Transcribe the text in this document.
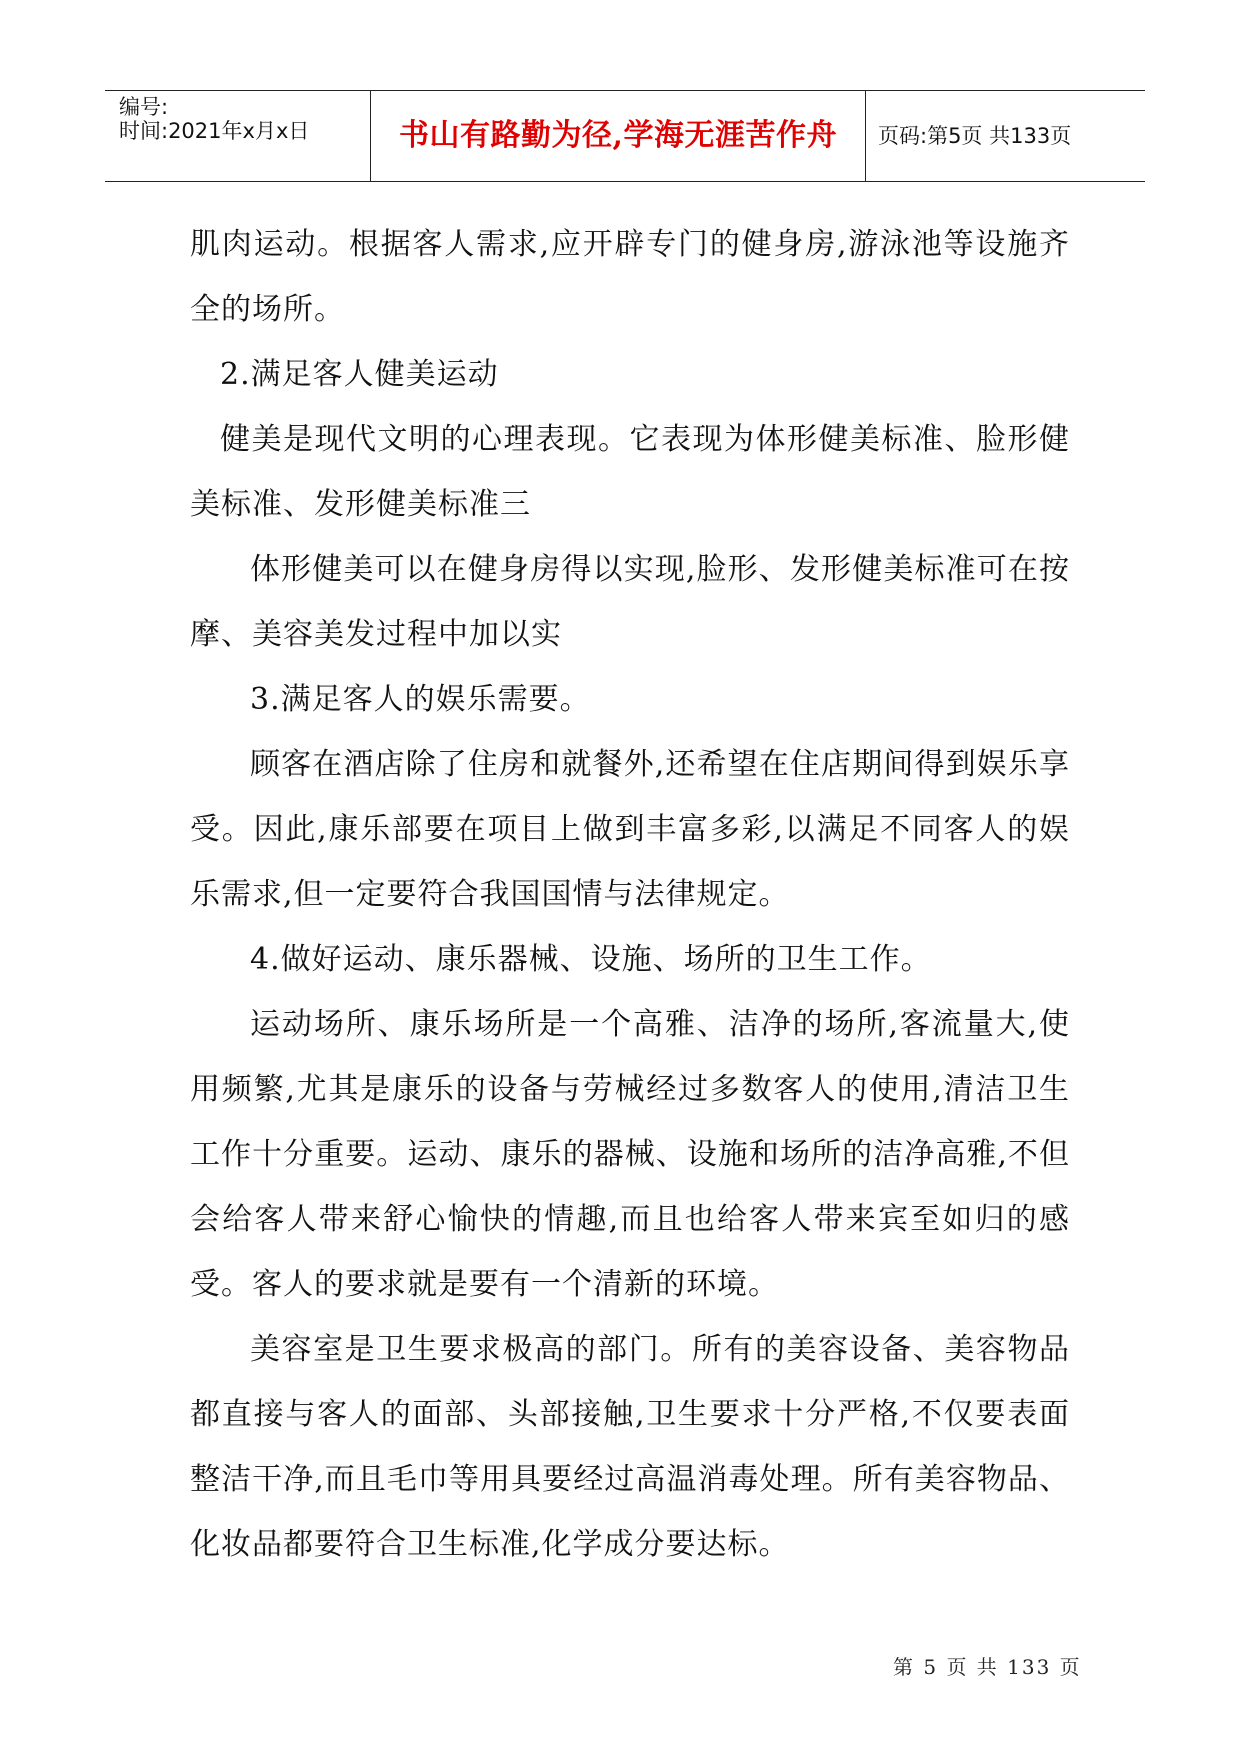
编号:
时间:2021年x月x日	书山有路勤为径,学海无涯苦作舟	页码:第5页 共133页

肌肉运动。根据客人需求,应开辟专门的健身房,游泳池等设施齐全的场所。

2.满足客人健美运动

健美是现代文明的心理表现。它表现为体形健美标准、脸形健美标准、发形健美标准三

体形健美可以在健身房得以实现,脸形、发形健美标准可在按摩、美容美发过程中加以实

3.满足客人的娱乐需要。

顾客在酒店除了住房和就餐外,还希望在住店期间得到娱乐享受。因此,康乐部要在项目上做到丰富多彩,以满足不同客人的娱乐需求,但一定要符合我国国情与法律规定。

4.做好运动、康乐器械、设施、场所的卫生工作。

运动场所、康乐场所是一个高雅、洁净的场所,客流量大,使用频繁,尤其是康乐的设备与劳械经过多数客人的使用,清洁卫生工作十分重要。运动、康乐的器械、设施和场所的洁净高雅,不但会给客人带来舒心愉快的情趣,而且也给客人带来宾至如归的感受。客人的要求就是要有一个清新的环境。

美容室是卫生要求极高的部门。所有的美容设备、美容物品都直接与客人的面部、头部接触,卫生要求十分严格,不仅要表面整洁干净,而且毛巾等用具要经过高温消毒处理。所有美容物品、化妆品都要符合卫生标准,化学成分要达标。

第 5 页 共 133 页
